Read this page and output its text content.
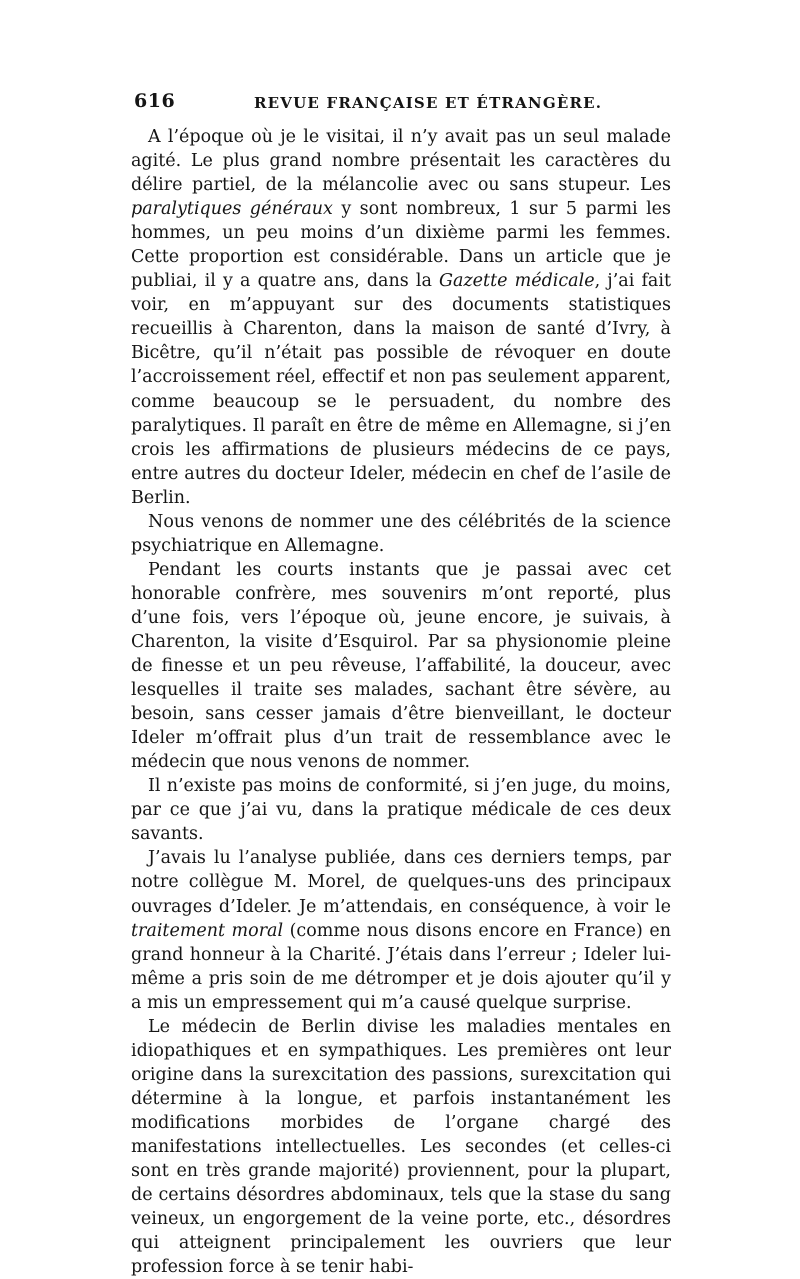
616	REVUE FRANÇAISE ET ÉTRANGÈRE.

A l’époque où je le visitai, il n’y avait pas un seul malade agité. Le plus grand nombre présentait les caractères du délire partiel, de la mélancolie avec ou sans stupeur. Les paralytiques généraux y sont nombreux, 1 sur 5 parmi les hommes, un peu moins d’un dixième parmi les femmes. Cette proportion est considérable. Dans un article que je publiai, il y a quatre ans, dans la Gazette médicale, j’ai fait voir, en m’appuyant sur des documents statistiques recueillis à Charenton, dans la maison de santé d’Ivry, à Bicêtre, qu’il n’était pas possible de révoquer en doute l’accroissement réel, effectif et non pas seulement apparent, comme beaucoup se le persuadent, du nombre des paralytiques. Il paraît en être de même en Allemagne, si j’en crois les affirmations de plusieurs médecins de ce pays, entre autres du docteur Ideler, médecin en chef de l’asile de Berlin.

Nous venons de nommer une des célébrités de la science psychiatrique en Allemagne.

Pendant les courts instants que je passai avec cet honorable confrère, mes souvenirs m’ont reporté, plus d’une fois, vers l’époque où, jeune encore, je suivais, à Charenton, la visite d’Esquirol. Par sa physionomie pleine de finesse et un peu rêveuse, l’affabilité, la douceur, avec lesquelles il traite ses malades, sachant être sévère, au besoin, sans cesser jamais d’être bienveillant, le docteur Ideler m’offrait plus d’un trait de ressemblance avec le médecin que nous venons de nommer.

Il n’existe pas moins de conformité, si j’en juge, du moins, par ce que j’ai vu, dans la pratique médicale de ces deux savants.

J’avais lu l’analyse publiée, dans ces derniers temps, par notre collègue M. Morel, de quelques-uns des principaux ouvrages d’Ideler. Je m’attendais, en conséquence, à voir le traitement moral (comme nous disons encore en France) en grand honneur à la Charité. J’étais dans l’erreur ; Ideler lui-même a pris soin de me détromper et je dois ajouter qu’il y a mis un empressement qui m’a causé quelque surprise.

Le médecin de Berlin divise les maladies mentales en idiopathiques et en sympathiques. Les premières ont leur origine dans la surexcitation des passions, surexcitation qui détermine à la longue, et parfois instantanément les modifications morbides de l’organe chargé des manifestations intellectuelles. Les secondes (et celles-ci sont en très grande majorité) proviennent, pour la plupart, de certains désordres abdominaux, tels que la stase du sang veineux, un engorgement de la veine porte, etc., désordres qui atteignent principalement les ouvriers que leur profession force à se tenir habi-
